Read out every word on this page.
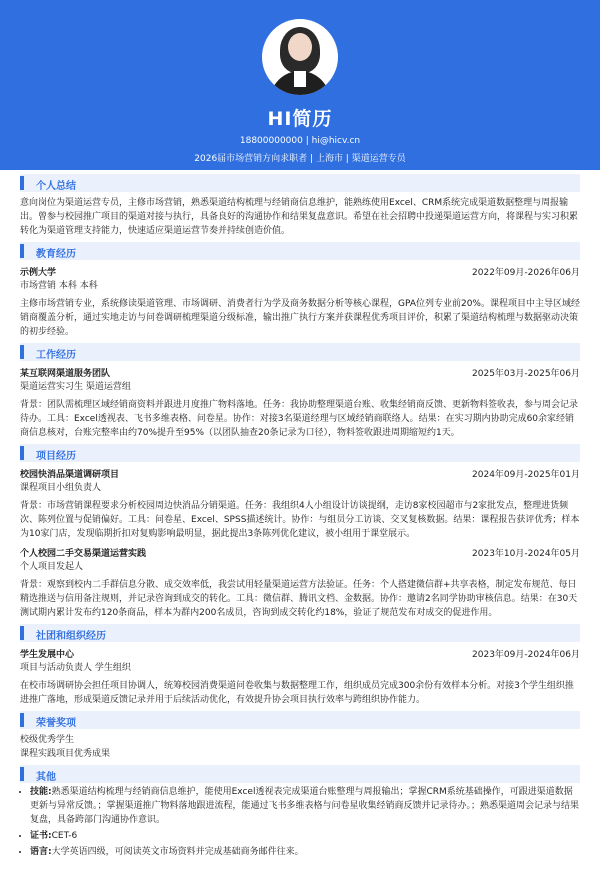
HI简历
18800000000 | hi@hicv.cn
2026届市场营销方向求职者 | 上海市 | 渠道运营专员
个人总结
意向岗位为渠道运营专员，主修市场营销，熟悉渠道结构梳理与经销商信息维护，能熟练使用Excel、CRM系统完成渠道数据整理与周报输出。曾参与校园推广项目的渠道对接与执行，具备良好的沟通协作和结果复盘意识。希望在社会招聘中投递渠道运营方向，将课程与实习积累转化为渠道管理支持能力，快速适应渠道运营节奏并持续创造价值。
教育经历
示例大学	2022年09月-2026年06月
市场营销 本科 本科
主修市场营销专业，系统修读渠道管理、市场调研、消费者行为学及商务数据分析等核心课程，GPA位列专业前20%。课程项目中主导区域经销商覆盖分析，通过实地走访与问卷调研梳理渠道分级标准，输出推广执行方案并获课程优秀项目评价，积累了渠道结构梳理与数据驱动决策的初步经验。
工作经历
某互联网渠道服务团队	2025年03月-2025年06月
渠道运营实习生 渠道运营组
背景：团队需梳理区域经销商资料并跟进月度推广物料落地。任务：我协助整理渠道台账、收集经销商反馈、更新物料签收表，参与周会记录待办。工具：Excel透视表、飞书多维表格、问卷星。协作：对接3名渠道经理与区域经销商联络人。结果：在实习期内协助完成60余家经销商信息核对，台账完整率由约70%提升至95%（以团队抽查20条记录为口径），物料签收跟进周期缩短约1天。
项目经历
校园快消品渠道调研项目	2024年09月-2025年01月
课程项目小组负责人
背景：市场营销课程要求分析校园周边快消品分销渠道。任务：我组织4人小组设计访谈提纲，走访8家校园超市与2家批发点，整理进货频次、陈列位置与促销偏好。工具：问卷星、Excel、SPSS描述统计。协作：与组员分工访谈、交叉复核数据。结果：课程报告获评优秀；样本为10家门店，发现临期折扣对复购影响最明显，据此提出3条陈列优化建议，被小组用于课堂展示。
个人校园二手交易渠道运营实践	2023年10月-2024年05月
个人项目发起人
背景：观察到校内二手群信息分散、成交效率低，我尝试用轻量渠道运营方法验证。任务：个人搭建微信群+共享表格，制定发布规范、每日精选推送与信用备注规则，并记录咨询到成交的转化。工具：微信群、腾讯文档、金数据。协作：邀请2名同学协助审核信息。结果：在30天测试期内累计发布约120条商品，样本为群内200名成员，咨询到成交转化约18%，验证了规范发布对成交的促进作用。
社团和组织经历
学生发展中心	2023年09月-2024年06月
项目与活动负责人 学生组织
在校市场调研协会担任项目协调人，统筹校园消费渠道问卷收集与数据整理工作，组织成员完成300余份有效样本分析。对接3个学生组织推进推广落地，形成渠道反馈记录并用于后续活动优化，有效提升协会项目执行效率与跨组织协作能力。
荣誉奖项
校级优秀学生
课程实践项目优秀成果
其他
• 技能:熟悉渠道结构梳理与经销商信息维护，能使用Excel透视表完成渠道台账整理与周报输出；掌握CRM系统基础操作，可跟进渠道数据更新与异常反馈。；掌握渠道推广物料落地跟进流程，能通过飞书多维表格与问卷星收集经销商反馈并记录待办。；熟悉渠道周会记录与结果复盘，具备跨部门沟通协作意识。
• 证书:CET-6
• 语言:大学英语四级，可阅读英文市场资料并完成基础商务邮件往来。
